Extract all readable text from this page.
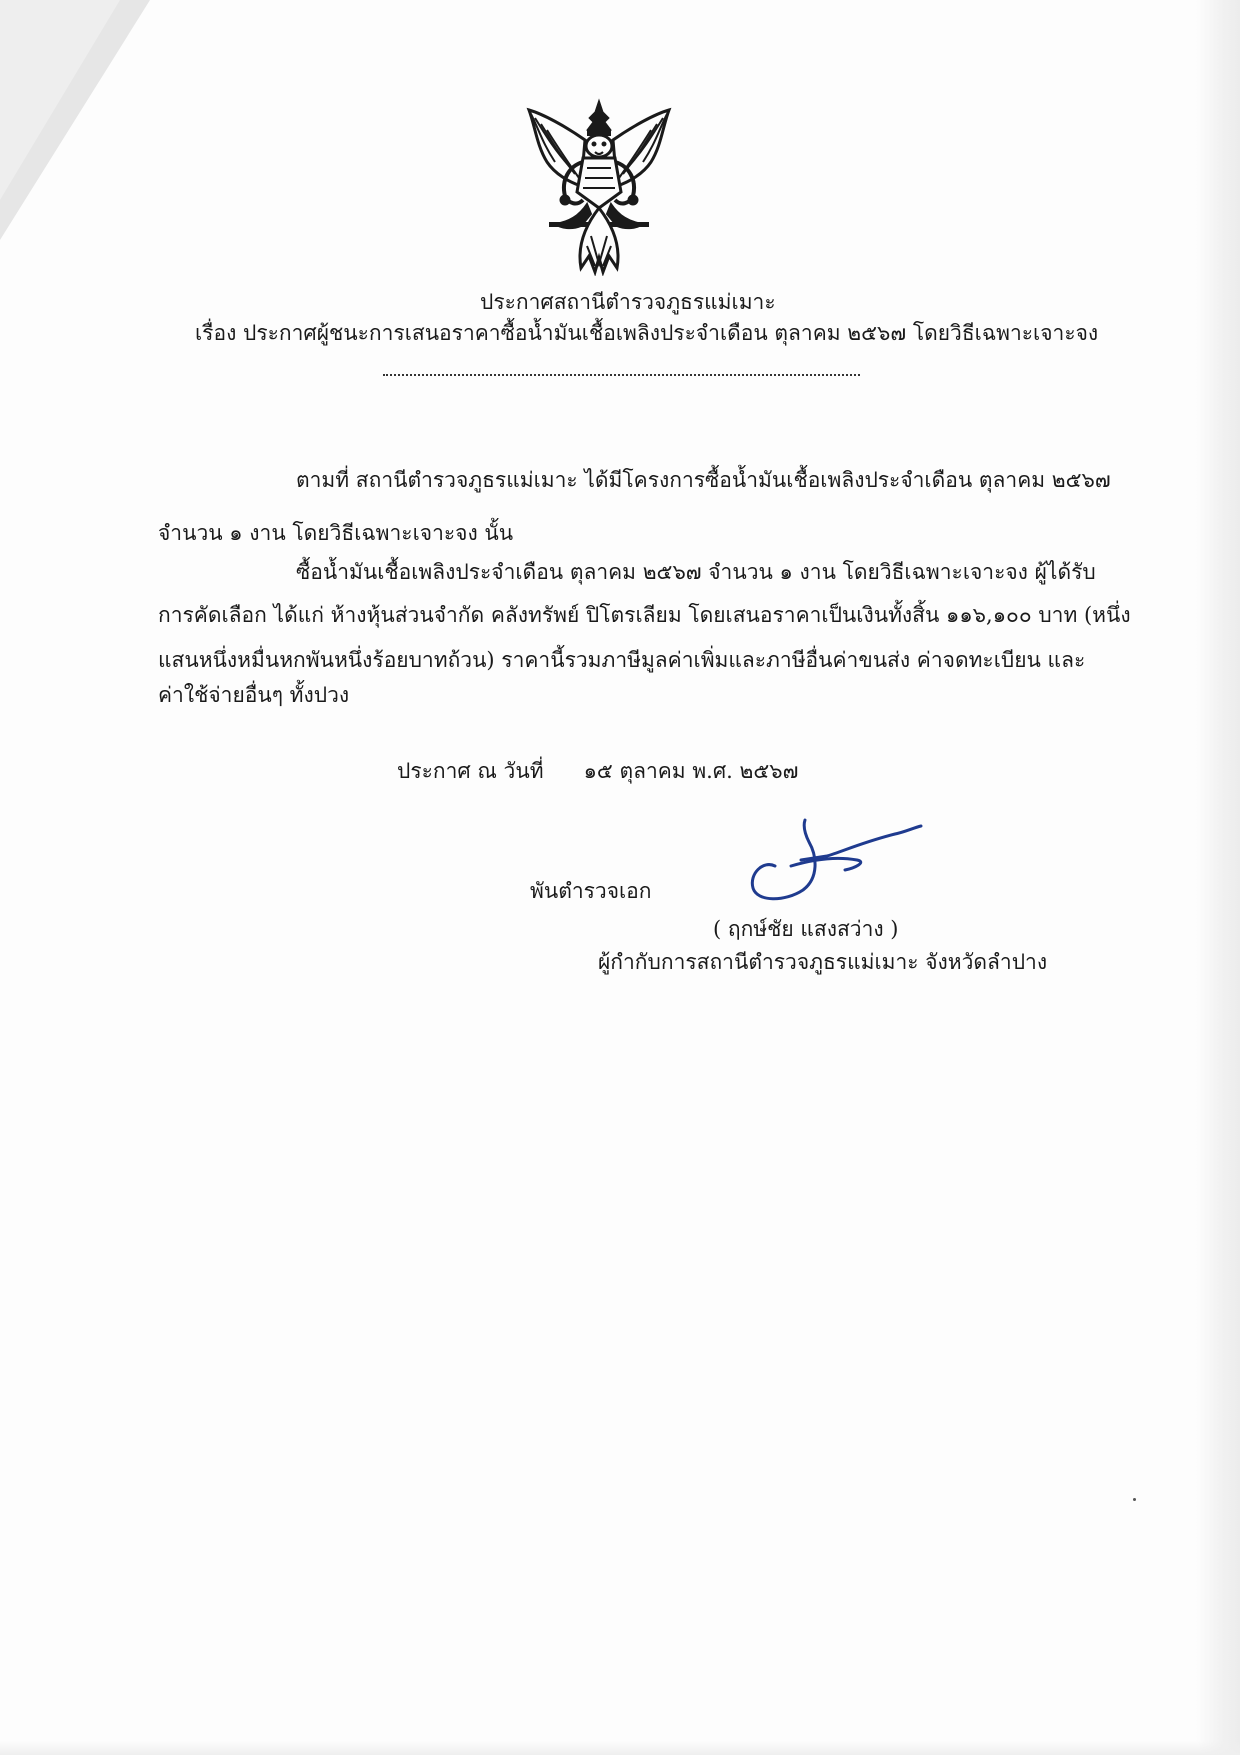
ประกาศสถานีตำรวจภูธรแม่เมาะ
เรื่อง ประกาศผู้ชนะการเสนอราคาซื้อน้ำมันเชื้อเพลิงประจำเดือน ตุลาคม ๒๕๖๗ โดยวิธีเฉพาะเจาะจง
ตามที่ สถานีตำรวจภูธรแม่เมาะ ได้มีโครงการซื้อน้ำมันเชื้อเพลิงประจำเดือน ตุลาคม ๒๕๖๗
จำนวน ๑ งาน โดยวิธีเฉพาะเจาะจง นั้น
ซื้อน้ำมันเชื้อเพลิงประจำเดือน ตุลาคม ๒๕๖๗ จำนวน ๑ งาน โดยวิธีเฉพาะเจาะจง ผู้ได้รับ
การคัดเลือก ได้แก่ ห้างหุ้นส่วนจำกัด คลังทรัพย์ ปิโตรเลียม โดยเสนอราคาเป็นเงินทั้งสิ้น ๑๑๖,๑๐๐ บาท (หนึ่ง
แสนหนึ่งหมื่นหกพันหนึ่งร้อยบาทถ้วน) ราคานี้รวมภาษีมูลค่าเพิ่มและภาษีอื่นค่าขนส่ง ค่าจดทะเบียน และ
ค่าใช้จ่ายอื่นๆ ทั้งปวง
ประกาศ ณ วันที่ ๑๕ ตุลาคม พ.ศ. ๒๕๖๗
พันตำรวจเอก
( ฤกษ์ชัย แสงสว่าง )
ผู้กำกับการสถานีตำรวจภูธรแม่เมาะ จังหวัดลำปาง
